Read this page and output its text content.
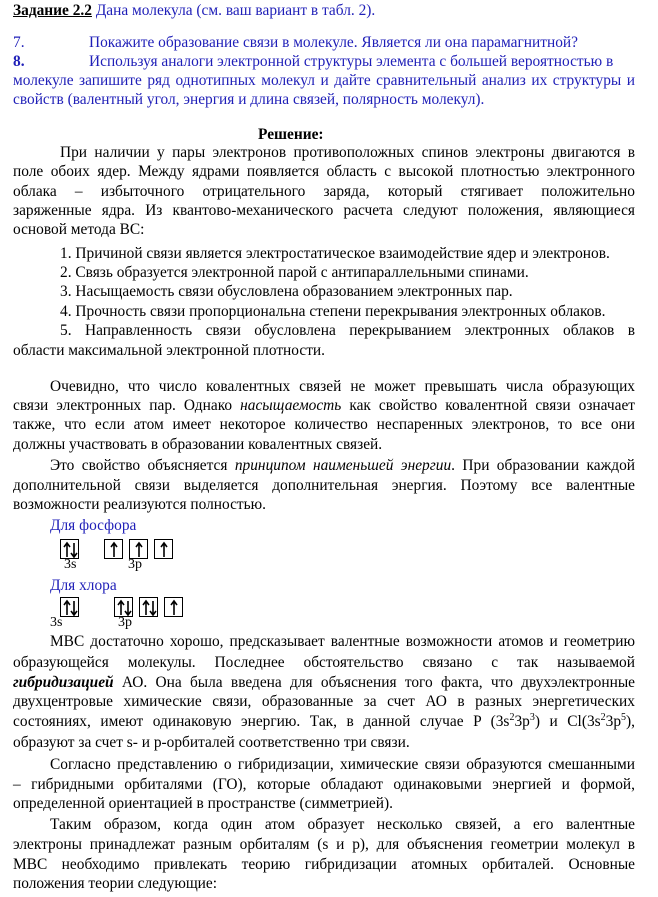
Задание 2.2 Дана молекула (см. ваш вариант в табл. 2).
7.	Покажите образование связи в молекуле. Является ли она парамагнитной?
8.	Используя аналоги электронной структуры элемента с большей вероятностью в
молекуле запишите ряд однотипных молекул и дайте сравнительный анализ их структуры и
свойств (валентный угол, энергия и длина связей, полярность молекул).
Решение:
При наличии у пары электронов противоположных спинов электроны двигаются в
поле обоих ядер. Между ядрами появляется область с высокой плотностью электронного
облака – избыточного отрицательного заряда, который стягивает положительно
заряженные ядра. Из квантово-механического расчета следуют положения, являющиеся
основой метода ВС:
1. Причиной связи является электростатическое взаимодействие ядер и электронов.
2. Связь образуется электронной парой с антипараллельными спинами.
3. Насыщаемость связи обусловлена образованием электронных пар.
4. Прочность связи пропорциональна степени перекрывания электронных облаков.
5. Направленность связи обусловлена перекрыванием электронных облаков в
области максимальной электронной плотности.
Очевидно, что число ковалентных связей не может превышать числа образующих
связи электронных пар. Однако насыщаемость как свойство ковалентной связи означает
также, что если атом имеет некоторое количество неспаренных электронов, то все они
должны участвовать в образовании ковалентных связей.
Это свойство объясняется принципом наименьшей энергии. При образовании каждой
дополнительной связи выделяется дополнительная энергия. Поэтому все валентные
возможности реализуются полностью.
Для фосфора
3s	3p
Для хлора
3s	3p
МВС достаточно хорошо, предсказывает валентные возможности атомов и геометрию
образующейся молекулы. Последнее обстоятельство связано с так называемой
гибридизацией АО. Она была введена для объяснения того факта, что двухэлектронные
двухцентровые химические связи, образованные за счет АО в разных энергетических
состояниях, имеют одинаковую энергию. Так, в данной случае P $(3s^23p^3)$ и $Cl(3s^23p^5)$,
образуют за счет s- и p-орбиталей соответственно три связи.
Согласно представлению о гибридизации, химические связи образуются смешанными
– гибридными орбиталями (ГО), которые обладают одинаковыми энергией и формой,
определенной ориентацией в пространстве (симметрией).
Таким образом, когда один атом образует несколько связей, а его валентные
электроны принадлежат разным орбиталям (s и p), для объяснения геометрии молекул в
МВС необходимо привлекать теорию гибридизации атомных орбиталей. Основные
положения теории следующие:
